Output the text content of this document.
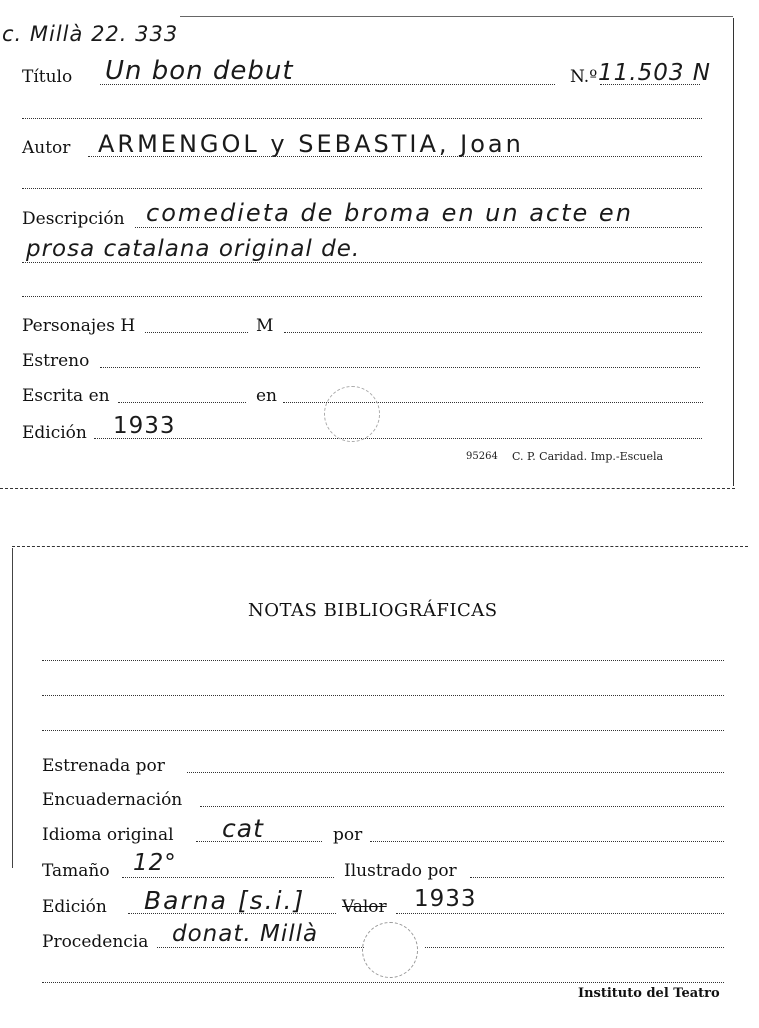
c. Millà 22. 333
Título Un bon debut	N.º 11.503 N
Autor ARMENGOL y SEBASTIA, Joan
Descripción comedieta de broma en un acte en
prosa catalana original de.
Personajes H	M
Estreno
Escrita en	en
Edición 1933
95264 C. P. Caridad. Imp.-Escuela
NOTAS BIBLIOGRÁFICAS
Estrenada por
Encuadernación
Idioma original cat	por
Tamaño 12°	Ilustrado por
Edición Barna [s.i.] Valor 1933
Procedencia donat. Millà
Instituto del Teatro
